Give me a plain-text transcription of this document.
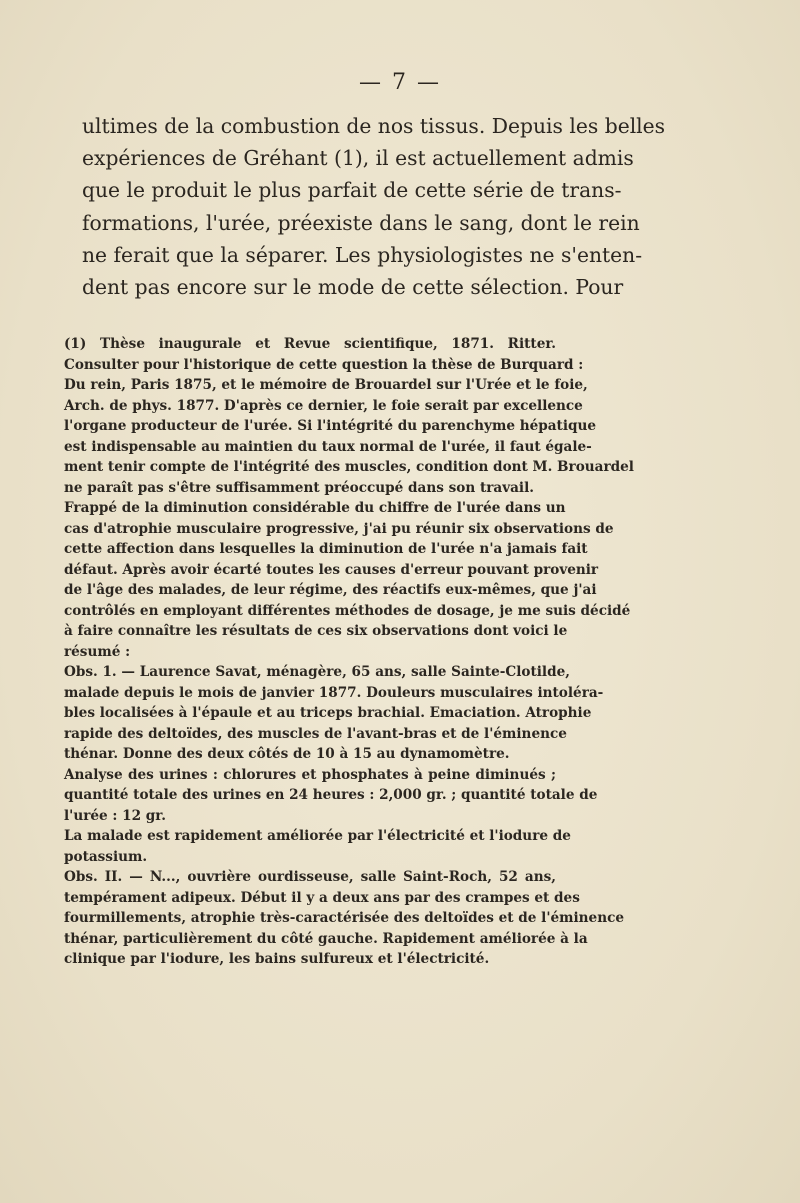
— 7 —
ultimes de la combustion de nos tissus. Depuis les belles
expériences de Gréhant (1), il est actuellement admis
que le produit le plus parfait de cette série de trans-
formations, l'urée, préexiste dans le sang, dont le rein
ne ferait que la séparer. Les physiologistes ne s'enten-
dent pas encore sur le mode de cette sélection. Pour
(1) Thèse inaugurale et Revue scientifique, 1871. Ritter.
Consulter pour l'historique de cette question la thèse de Burquard :
Du rein, Paris 1875, et le mémoire de Brouardel sur l'Urée et le foie,
Arch. de phys. 1877. D'après ce dernier, le foie serait par excellence
l'organe producteur de l'urée. Si l'intégrité du parenchyme hépatique
est indispensable au maintien du taux normal de l'urée, il faut égale-
ment tenir compte de l'intégrité des muscles, condition dont M. Brouardel
ne paraît pas s'être suffisamment préoccupé dans son travail.
Frappé de la diminution considérable du chiffre de l'urée dans un
cas d'atrophie musculaire progressive, j'ai pu réunir six observations de
cette affection dans lesquelles la diminution de l'urée n'a jamais fait
défaut. Après avoir écarté toutes les causes d'erreur pouvant provenir
de l'âge des malades, de leur régime, des réactifs eux-mêmes, que j'ai
contrôlés en employant différentes méthodes de dosage, je me suis décidé
à faire connaître les résultats de ces six observations dont voici le
résumé :
Obs. 1. — Laurence Savat, ménagère, 65 ans, salle Sainte-Clotilde,
malade depuis le mois de janvier 1877. Douleurs musculaires intolérа-
bles localisées à l'épaule et au triceps brachial. Emaciation. Atrophie
rapide des deltoïdes, des muscles de l'avant-bras et de l'éminence
thénar. Donne des deux côtés de 10 à 15 au dynamomètre.
Analyse des urines : chlorures et phosphates à peine diminués ;
quantité totale des urines en 24 heures : 2,000 gr. ; quantité totale de
l'urée : 12 gr.
La malade est rapidement améliorée par l'électricité et l'iodure de
potassium.
Obs. II. — N..., ouvrière ourdisseuse, salle Saint-Roch, 52 ans,
tempérament adipeux. Début il y a deux ans par des crampes et des
fourmillements, atrophie très-caractérisée des deltoïdes et de l'éminence
thénar, particulièrement du côté gauche. Rapidement améliorée à la
clinique par l'iodure, les bains sulfureux et l'électricité.
